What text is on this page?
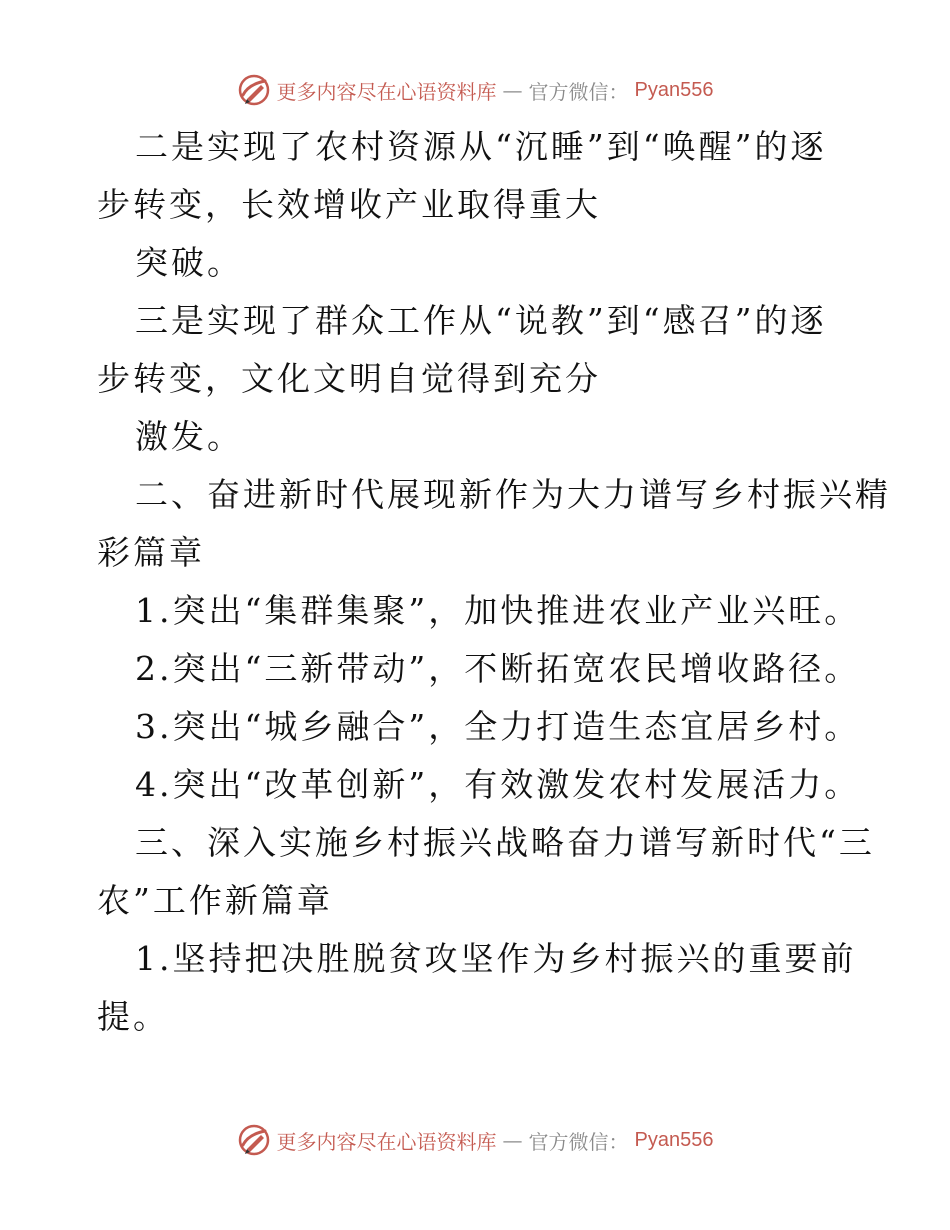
更多内容尽在心语资料库 — 官方微信： Pyan556
二是实现了农村资源从“沉睡”到“唤醒”的逐
步转变，长效增收产业取得重大
突破。
三是实现了群众工作从“说教”到“感召”的逐
步转变，文化文明自觉得到充分
激发。
二、奋进新时代展现新作为大力谱写乡村振兴精
彩篇章
1.突出“集群集聚”，加快推进农业产业兴旺。
2.突出“三新带动”，不断拓宽农民增收路径。
3.突出“城乡融合”，全力打造生态宜居乡村。
4.突出“改革创新”，有效激发农村发展活力。
三、深入实施乡村振兴战略奋力谱写新时代“三
农”工作新篇章
1.坚持把决胜脱贫攻坚作为乡村振兴的重要前
提。
更多内容尽在心语资料库 — 官方微信： Pyan556
